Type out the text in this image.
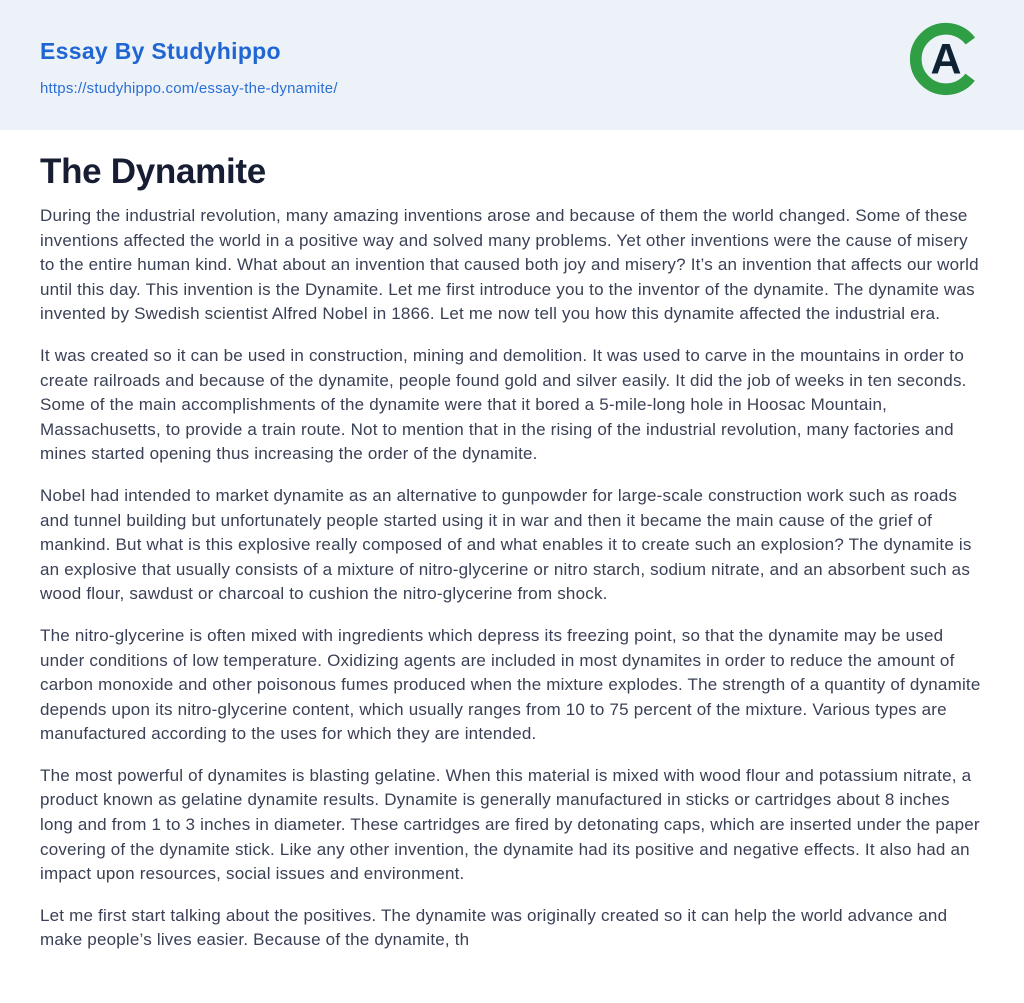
Essay By Studyhippo
https://studyhippo.com/essay-the-dynamite/
A
The Dynamite

During the industrial revolution, many amazing inventions arose and because of them the world changed. Some of these inventions affected the world in a positive way and solved many problems. Yet other inventions were the cause of misery to the entire human kind. What about an invention that caused both joy and misery? It’s an invention that affects our world until this day. This invention is the Dynamite. Let me first introduce you to the inventor of the dynamite. The dynamite was invented by Swedish scientist Alfred Nobel in 1866. Let me now tell you how this dynamite affected the industrial era.

It was created so it can be used in construction, mining and demolition. It was used to carve in the mountains in order to create railroads and because of the dynamite, people found gold and silver easily. It did the job of weeks in ten seconds. Some of the main accomplishments of the dynamite were that it bored a 5-mile-long hole in Hoosac Mountain, Massachusetts, to provide a train route. Not to mention that in the rising of the industrial revolution, many factories and mines started opening thus increasing the order of the dynamite.

Nobel had intended to market dynamite as an alternative to gunpowder for large-scale construction work such as roads and tunnel building but unfortunately people started using it in war and then it became the main cause of the grief of mankind. But what is this explosive really composed of and what enables it to create such an explosion? The dynamite is an explosive that usually consists of a mixture of nitro-glycerine or nitro starch, sodium nitrate, and an absorbent such as wood flour, sawdust or charcoal to cushion the nitro-glycerine from shock.

The nitro-glycerine is often mixed with ingredients which depress its freezing point, so that the dynamite may be used under conditions of low temperature. Oxidizing agents are included in most dynamites in order to reduce the amount of carbon monoxide and other poisonous fumes produced when the mixture explodes. The strength of a quantity of dynamite depends upon its nitro-glycerine content, which usually ranges from 10 to 75 percent of the mixture. Various types are manufactured according to the uses for which they are intended.

The most powerful of dynamites is blasting gelatine. When this material is mixed with wood flour and potassium nitrate, a product known as gelatine dynamite results. Dynamite is generally manufactured in sticks or cartridges about 8 inches long and from 1 to 3 inches in diameter. These cartridges are fired by detonating caps, which are inserted under the paper covering of the dynamite stick. Like any other invention, the dynamite had its positive and negative effects. It also had an impact upon resources, social issues and environment.

Let me first start talking about the positives. The dynamite was originally created so it can help the world advance and make people’s lives easier. Because of the dynamite, th
